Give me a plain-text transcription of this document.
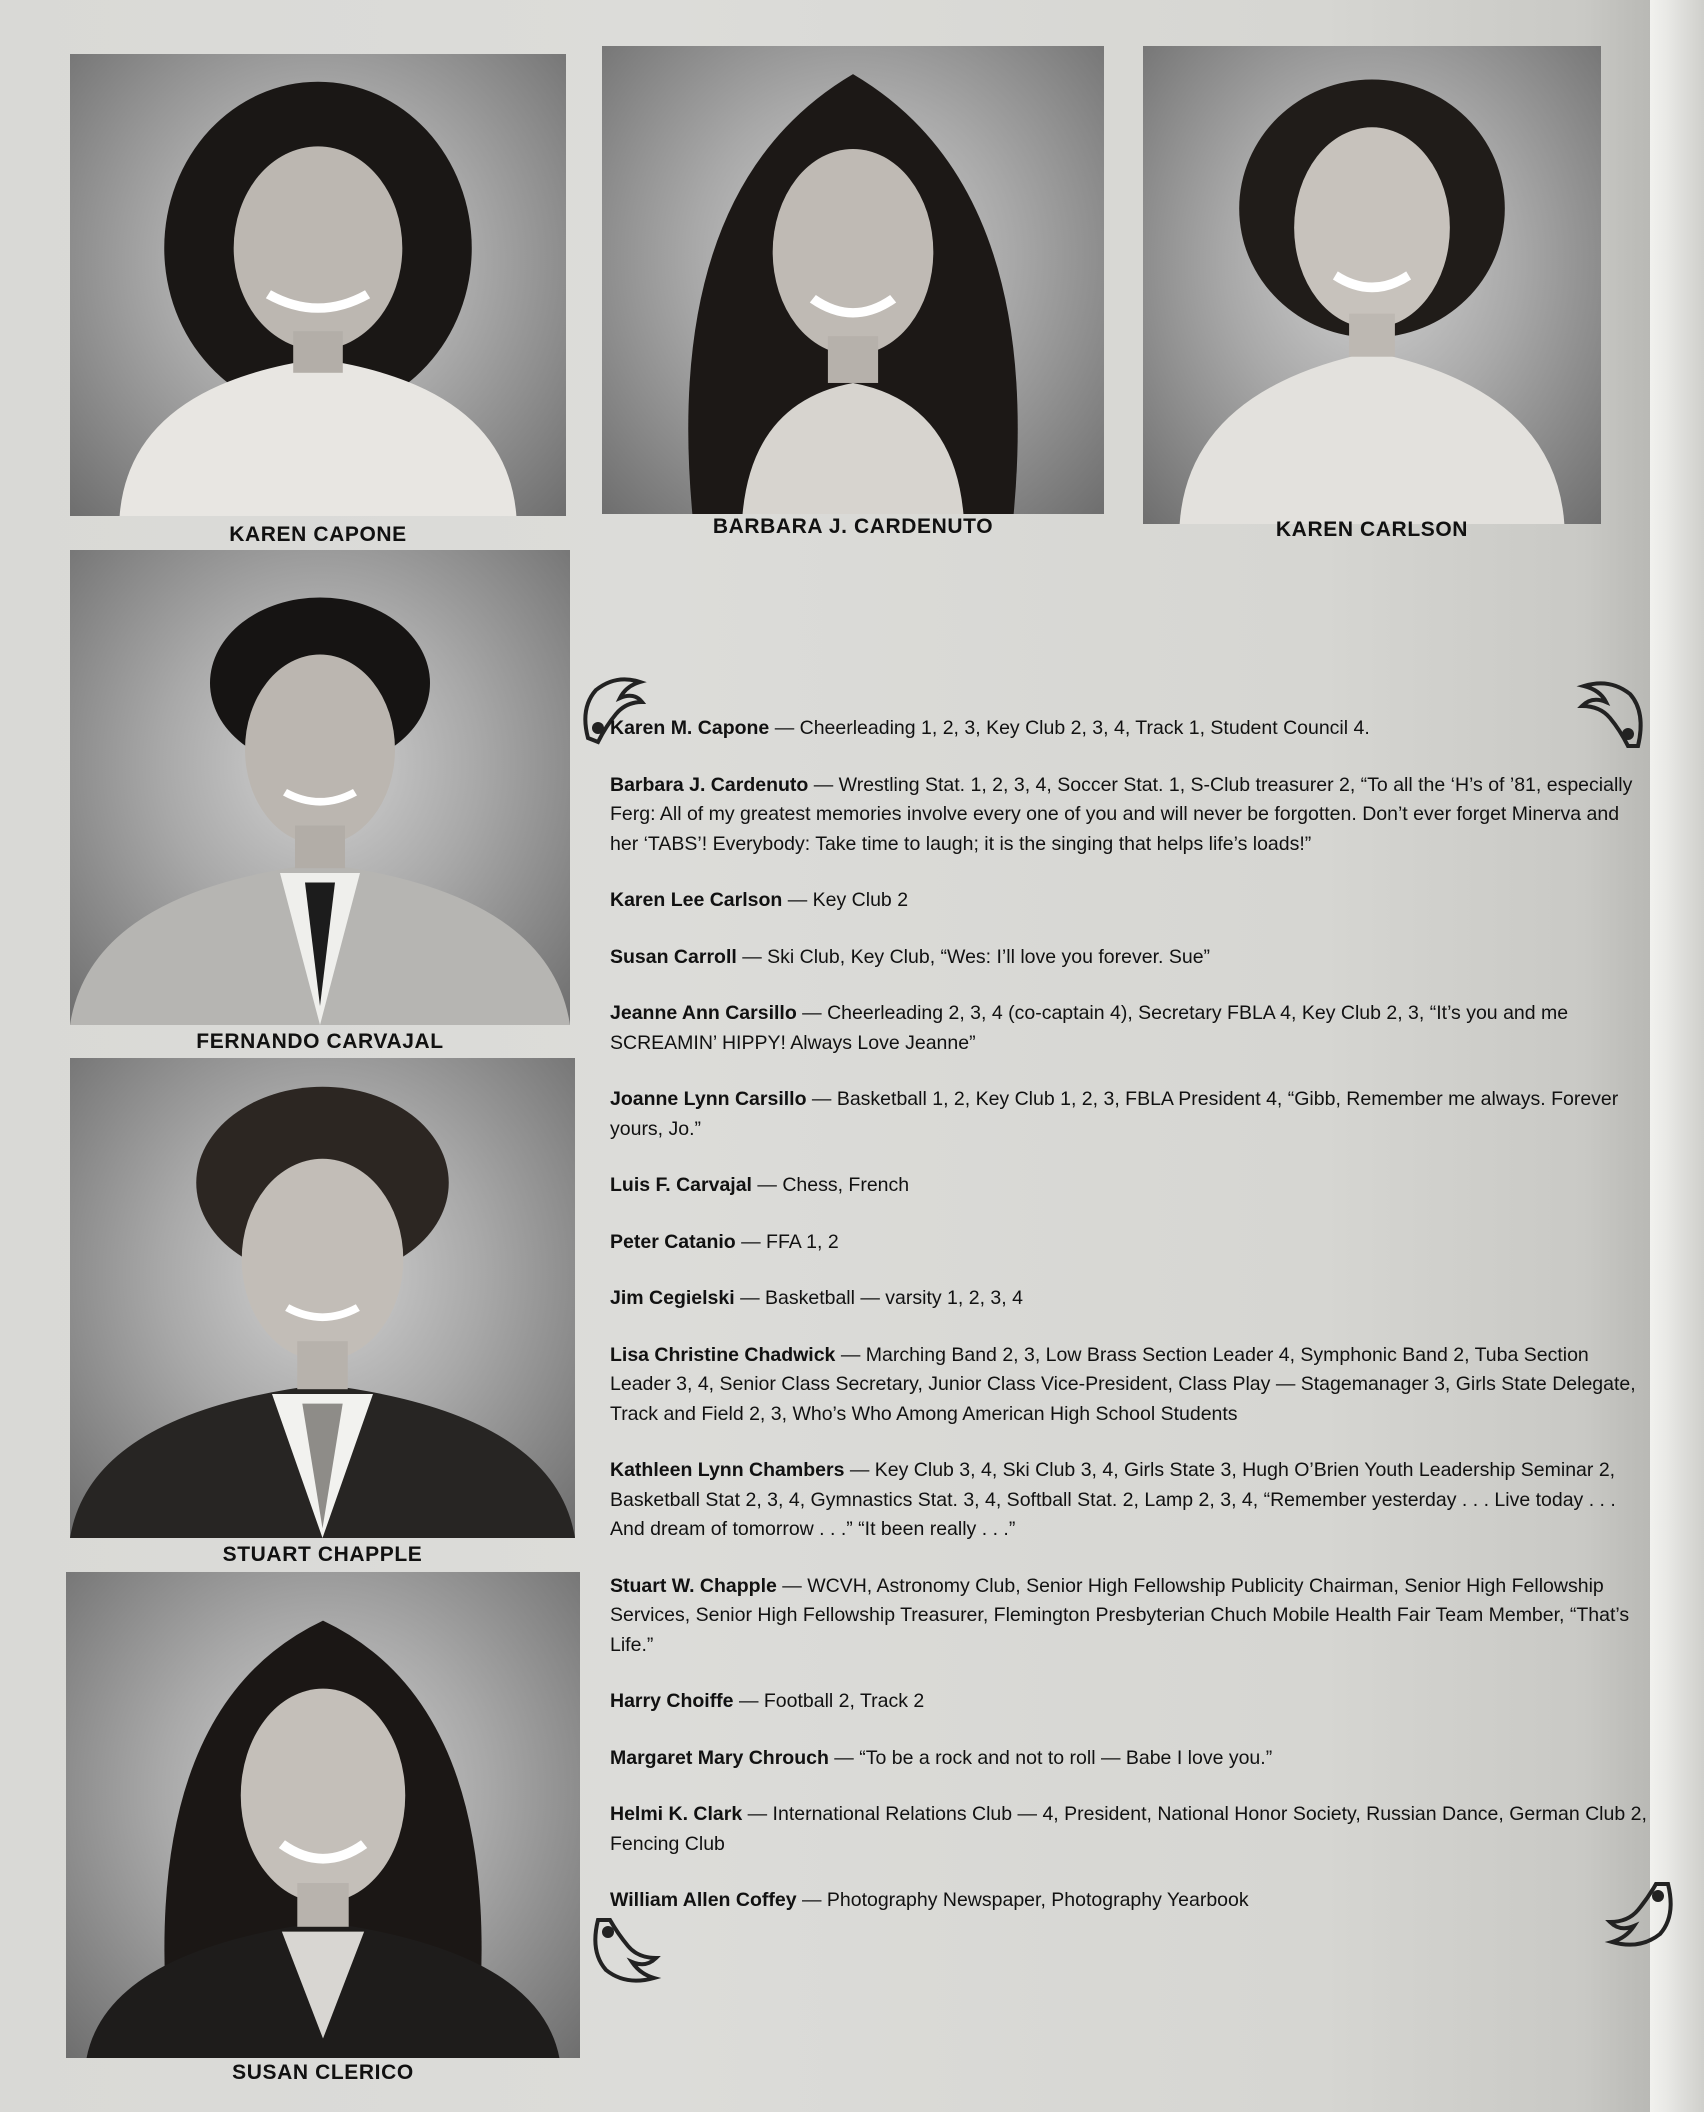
KAREN CAPONE	BARBARA J. CARDENUTO	KAREN CARLSON
FERNANDO CARVAJAL
STUART CHAPPLE
SUSAN CLERICO
Karen M. Capone — Cheerleading 1, 2, 3, Key Club 2, 3, 4, Track 1, Student Council 4.
Barbara J. Cardenuto — Wrestling Stat. 1, 2, 3, 4, Soccer Stat. 1, S-Club treasurer 2, “To all the ‘H’s of ’81, especially Ferg: All of my greatest memories involve every one of you and will never be forgotten. Don’t ever forget Minerva and her ‘TABS’! Everybody: Take time to laugh; it is the singing that helps life’s loads!”
Karen Lee Carlson — Key Club 2
Susan Carroll — Ski Club, Key Club, “Wes: I’ll love you forever. Sue”
Jeanne Ann Carsillo — Cheerleading 2, 3, 4 (co-captain 4), Secretary FBLA 4, Key Club 2, 3, “It’s you and me SCREAMIN’ HIPPY! Always Love Jeanne”
Joanne Lynn Carsillo — Basketball 1, 2, Key Club 1, 2, 3, FBLA President 4, “Gibb, Remember me always. Forever yours, Jo.”
Luis F. Carvajal — Chess, French
Peter Catanio — FFA 1, 2
Jim Cegielski — Basketball — varsity 1, 2, 3, 4
Lisa Christine Chadwick — Marching Band 2, 3, Low Brass Section Leader 4, Symphonic Band 2, Tuba Section Leader 3, 4, Senior Class Secretary, Junior Class Vice-President, Class Play — Stagemanager 3, Girls State Delegate, Track and Field 2, 3, Who’s Who Among American High School Students
Kathleen Lynn Chambers — Key Club 3, 4, Ski Club 3, 4, Girls State 3, Hugh O’Brien Youth Leadership Seminar 2, Basketball Stat 2, 3, 4, Gymnastics Stat. 3, 4, Softball Stat. 2, Lamp 2, 3, 4, “Remember yesterday . . . Live today . . . And dream of tomorrow . . .” “It been really . . .”
Stuart W. Chapple — WCVH, Astronomy Club, Senior High Fellowship Publicity Chairman, Senior High Fellowship Services, Senior High Fellowship Treasurer, Flemington Presbyterian Chuch Mobile Health Fair Team Member, “That’s Life.”
Harry Choiffe — Football 2, Track 2
Margaret Mary Chrouch — “To be a rock and not to roll — Babe I love you.”
Helmi K. Clark — International Relations Club — 4, President, National Honor Society, Russian Dance, German Club 2, Fencing Club
William Allen Coffey — Photography Newspaper, Photography Yearbook
